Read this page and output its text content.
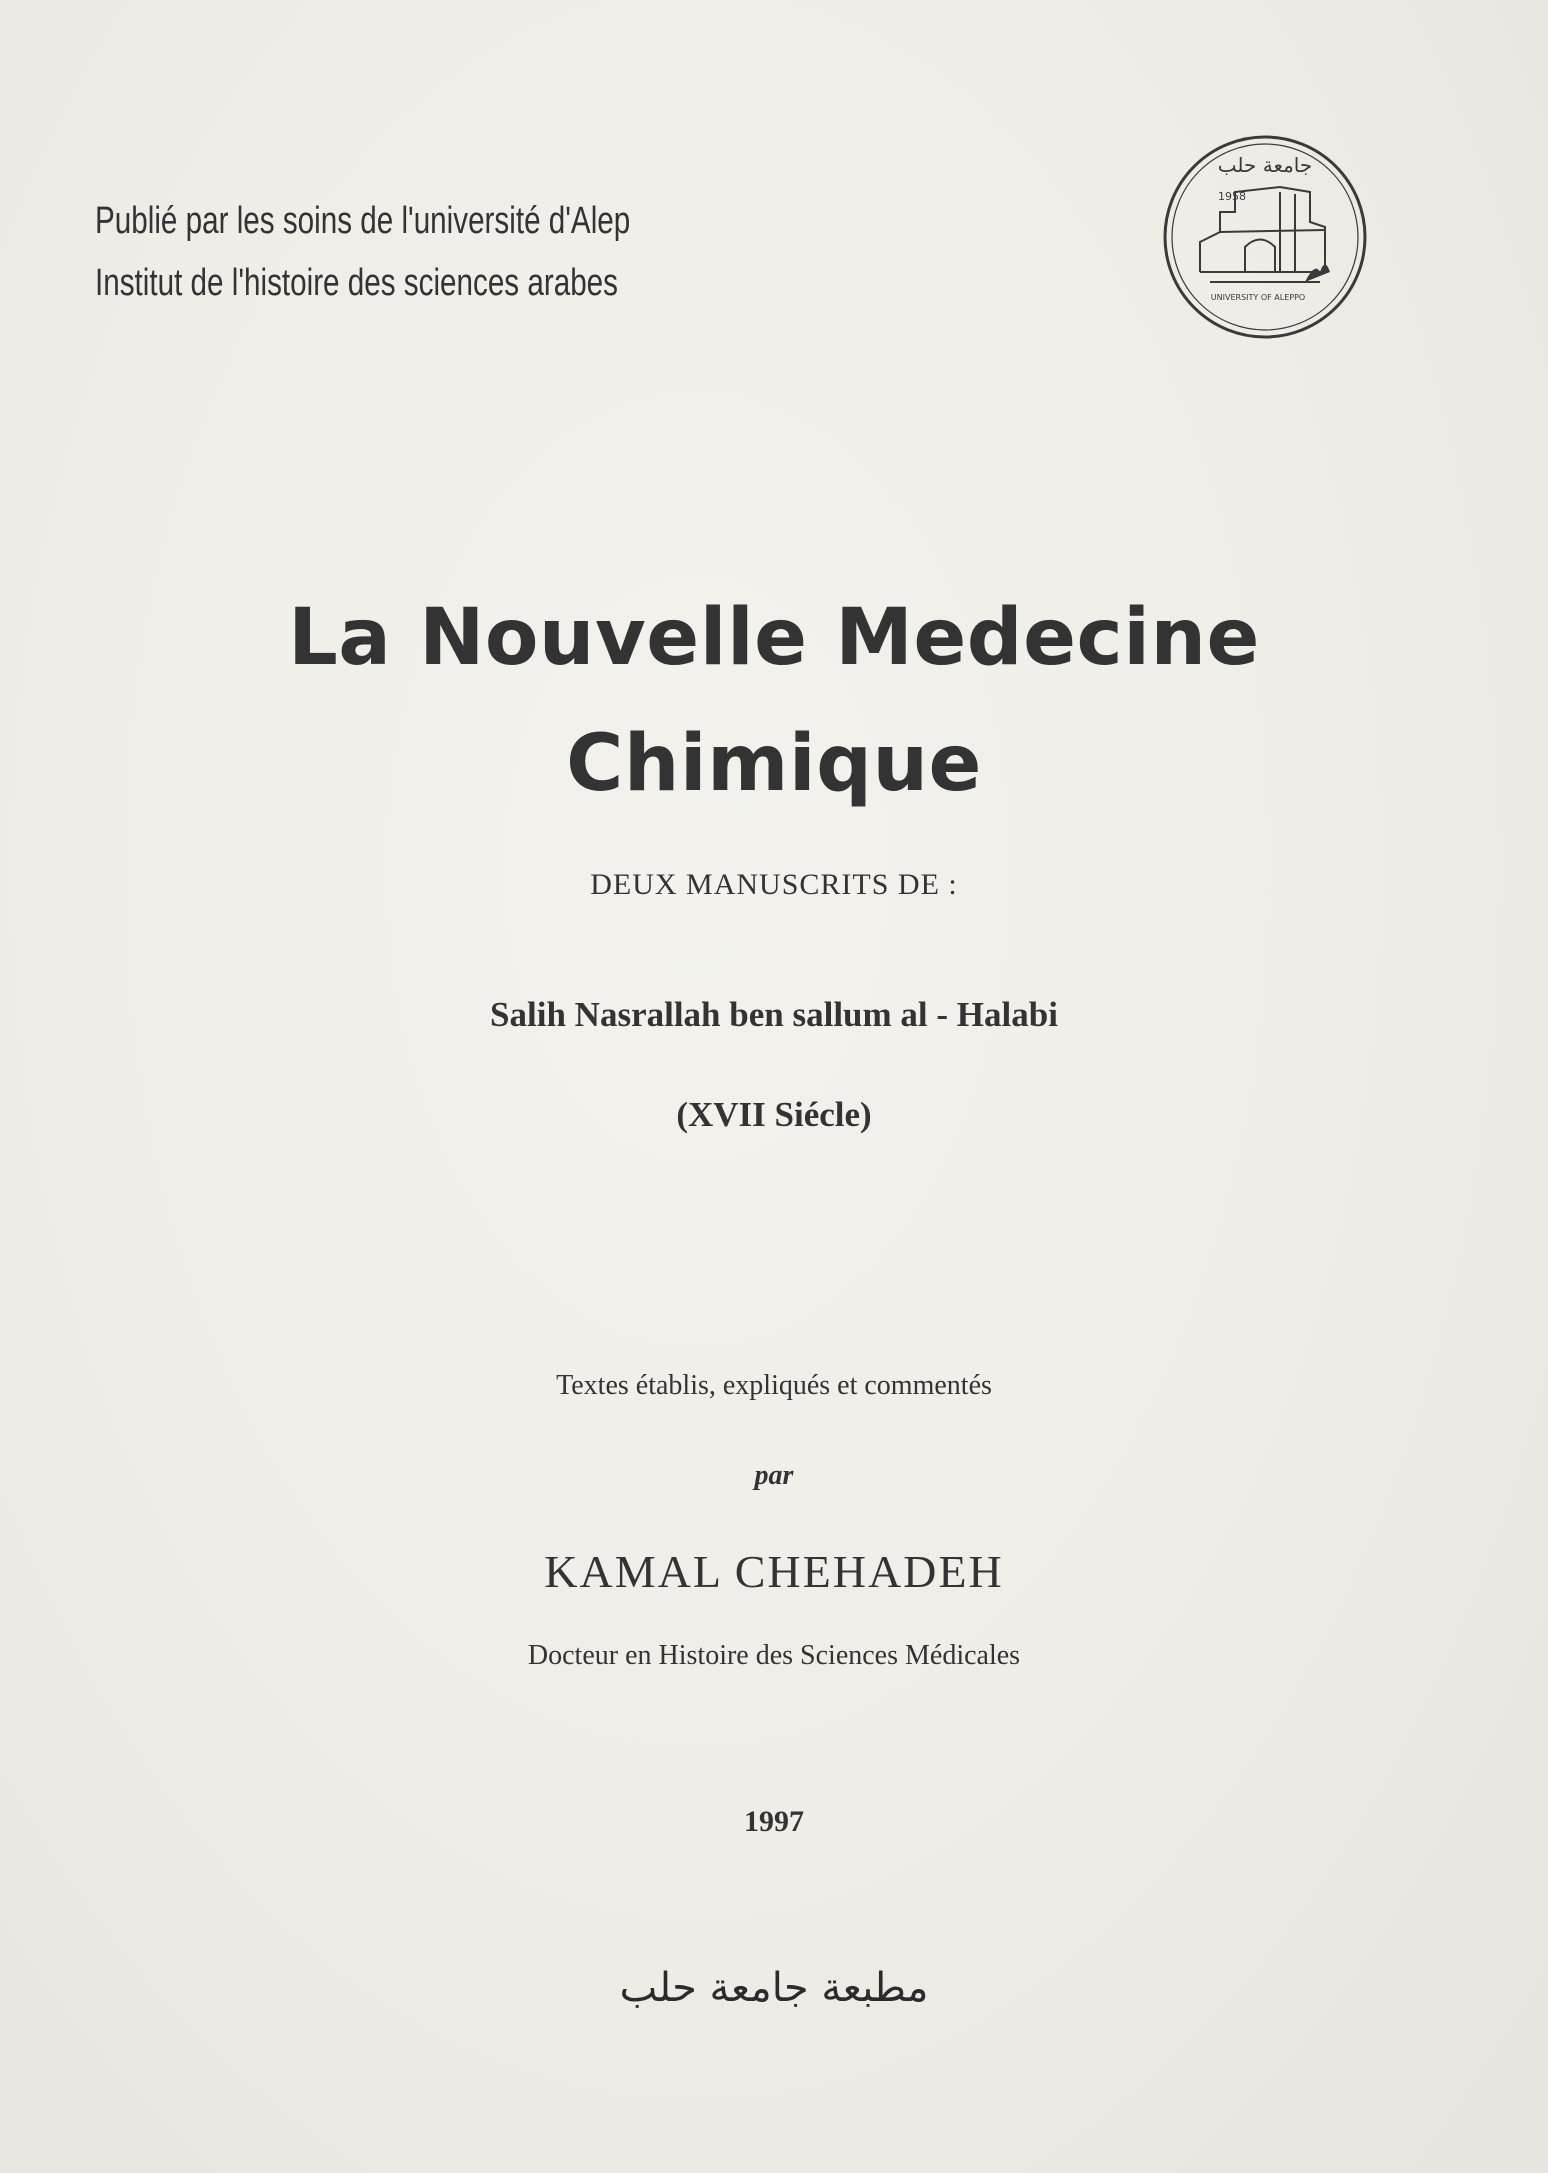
Publié par les soins de l'université d'Alep
Institut de l'histoire des sciences arabes
جامعة حلب
1958
UNIVERSITY OF ALEPPO
La Nouvelle Medecine
Chimique
DEUX MANUSCRITS DE :
Salih Nasrallah ben sallum al - Halabi
(XVII Siécle)
Textes établis, expliqués et commentés
par
KAMAL CHEHADEH
Docteur en Histoire des Sciences Médicales
1997
مطبعة جامعة حلب
